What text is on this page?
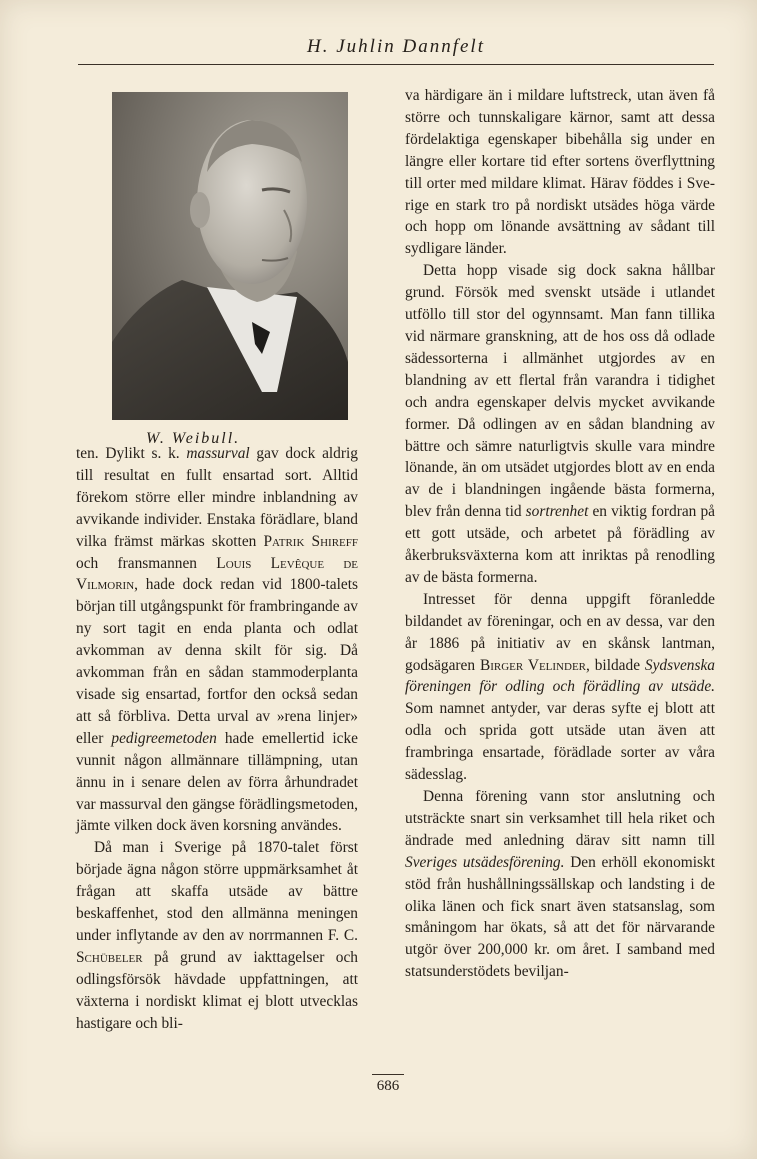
H. Juhlin Dannfelt
W. Weibull.

ten. Dylikt s. k. massurval gav dock aldrig till resultat en fullt ensartad sort. Alltid förekom större eller mindre inblandning av avvikande individer. Enstaka förädlare, bland vilka främst märkas skotten Patrik Shireff och fransmannen Louis Levêque de Vilmorin, hade dock redan vid 1800-talets början till utgångspunkt för frambringande av ny sort tagit en enda planta och odlat avkomman av denna skilt för sig. Då avkomman från en sådan stammoderplanta visade sig ensartad, fortfor den också sedan att så förbliva. Detta urval av »rena linjer» eller pedigreemetoden hade emellertid icke vunnit någon allmännare tillämpning, utan ännu in i senare delen av förra århundradet var massurval den gängse förädlingsmetoden, jämte vilken dock även korsning användes.

Då man i Sverige på 1870-talet först började ägna någon större uppmärksamhet åt frågan att skaffa utsäde av bättre beskaffenhet, stod den allmänna meningen under inflytande av den av norrmannen F. C. Schübeler på grund av iakttagelser och odlingsförsök hävdade uppfattningen, att växterna i nordiskt klimat ej blott utvecklas hastigare och bli-

va härdigare än i mildare luftstreck, utan även få större och tunnskaligare kärnor, samt att dessa fördelaktiga egenskaper bibehålla sig under en längre eller kortare tid efter sortens överflyttning till orter med mildare klimat. Härav föddes i Sverige en stark tro på nordiskt utsädes höga värde och hopp om lönande avsättning av sådant till sydligare länder.

Detta hopp visade sig dock sakna hållbar grund. Försök med svenskt utsäde i utlandet utföllo till stor del ogynnsamt. Man fann tillika vid närmare granskning, att de hos oss då odlade sädessorterna i allmänhet utgjordes av en blandning av ett flertal från varandra i tidighet och andra egenskaper delvis mycket avvikande former. Då odlingen av en sådan blandning av bättre och sämre naturligtvis skulle vara mindre lönande, än om utsädet utgjordes blott av en enda av de i blandningen ingående bästa formerna, blev från denna tid sortrenhet en viktig fordran på ett gott utsäde, och arbetet på förädling av åkerbruksväxterna kom att inriktas på renodling av de bästa formerna.

Intresset för denna uppgift föranledde bildandet av föreningar, och en av dessa, var den år 1886 på initiativ av en skånsk lantman, godsägaren Birger Velinder, bildade Sydsvenska föreningen för odling och förädling av utsäde. Som namnet antyder, var deras syfte ej blott att odla och sprida gott utsäde utan även att frambringa ensartade, förädlade sorter av våra sädesslag.

Denna förening vann stor anslutning och utsträckte snart sin verksamhet till hela riket och ändrade med anledning därav sitt namn till Sveriges utsädesförening. Den erhöll ekonomiskt stöd från hushållningssällskap och landsting i de olika länen och fick snart även statsanslag, som småningom har ökats, så att det för närvarande utgör över 200,000 kr. om året. I samband med statsunderstödets beviljan-

686
